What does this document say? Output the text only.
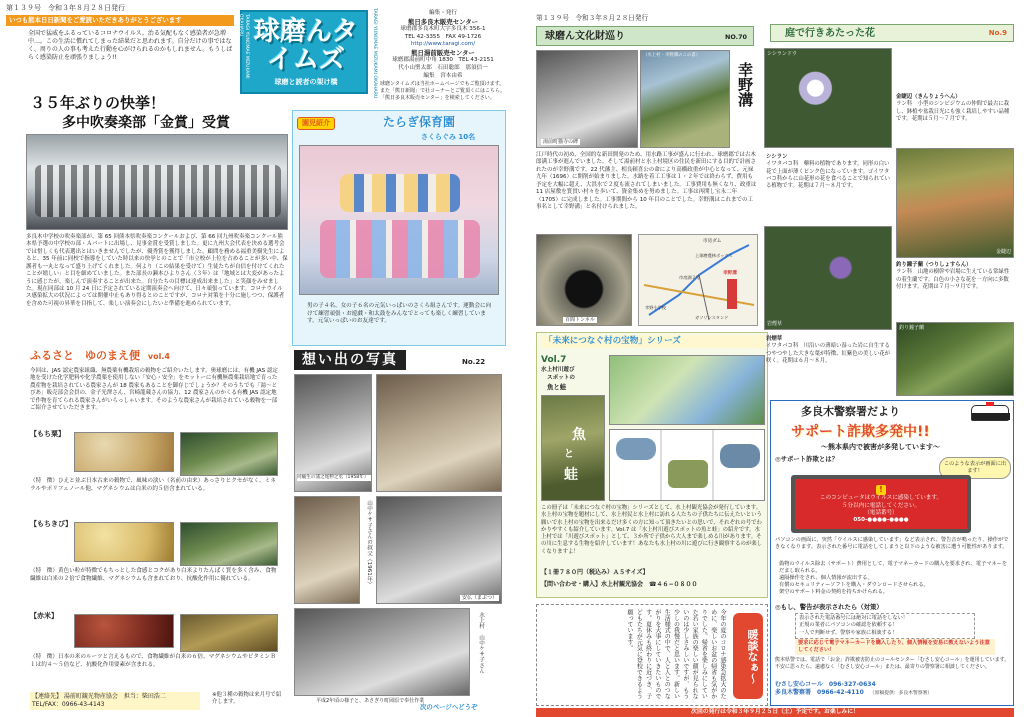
第１３９号　令和３年８月２８日発行
いつも熊本日日新聞をご愛読いただきありがとうございます
全国で猛威をふるっているコロナウイルス。治る気配もなく感染者が急増中…。この生活に慣れてしまった結果だと思われます。自分だけの事ではなく、周りの人の事も考えた行動を心がけられるのかもしれません。もうしばらく感染防止を頑張りましょう!!	TARAGI YUNOMAE MIZUKAMI OKAHARU 球磨んタイムズ
球磨と読者の架け橋	TARAGI YUNOMAE MIZUKAMI OKAHARU	編集・発行
熊日多良木販売センター
球磨郡多良木町大字多良木 356-1
TEL 42-3355　FAX 49-1726
http://www.taragi.com/
熊日湯前販売センター
球磨郡湯前町中角 1830　TEL 43-2151
代小山聖太郎　石田聡郎　那須信一
編集　宮本由希
球磨ンタイムズは当社ホームページでもご覧頂けます。また「熊日新聞」で社コーナーとご覧頂くにはこちら。「熊日多良木販売センター」を検索してください。
３５年ぶりの快挙！
多中吹奏楽部「金賞」受賞
多良木中学校の吹奏楽部が、第 65 回熊本県吹奏楽コンクールおよび、第 66 回九州吹奏楽コンクール熊本県予選の中学校の部・Ａパートに出場し、見事金賞を受賞しました。更に九州大会代表を決める選考会では惜しくも代表選出とはいきませんでしたが、優秀賞を獲得しました。顧問を務める福重美樹先生によると、35 年前に同校で指導をしていた時以来の快挙とのことで「市立校が上位を占めることが多い中、保護者も一丸となって盛り上げてくれました。何より（この結果を受けて）生徒たちが自信を付けてくれたことが嬉しい」と目を細めていました。また部長の瀬本ひよりさん（３年）は「地域とは大変があったように感じたが、楽しんで演奏することが出来た。自分たちの目標は達成出来ました」と笑顔をみせました。現在同部は 10 月 24 日に予定されている定期演奏会へ向けて、日々頑張っています。コロナウイルス感染拡大の状況によっては開催中止もあり得るとのことですが、コロナ対策を十分に施しつつ、保護者を含めた可視の昇華を目指して、楽しい演奏会にしたいと準備を進められています。
園児紹介	たらぎ保育園
さくらぐみ 10名
男の子４名、女の子６名の元気いっぱいのさくら組さんです。運動会に向けて練習頑張・お遊戯・和太鼓をみんなでとっても楽しく練習しています。元気いっぱいのお友達です。
ふるさと　ゆのまえ便 vol.4
今回は、JAS 認定農家組織、無農薬有機栽培の穀物をご紹介いたします。奥球磨には、有機 JAS 認定地を受けた化学肥料や化学農薬を使用しない「安心・安全」をモットーに有機無農薬栽培地で育った農産物を栽培されている農家さんが 18 農家もあることを御存じでしょうか？そのうちでも「湯〜とぴあ」販売部会会員の、金子光澤さん、宮崎龍蔵さんの協力、12 農家さんのかくる有機 JAS 認定地で作物を育てられる農家さんがいらっしゃいます。そのような農家さんが栽培されている穀物を一部ご紹介させていただきます。
【もち粟】
（特　徴）ひえと並ぶ日本古来の穀物で、風味の淡い（名前の由来）あっさりとクセがなく、ミネラルやポリフェノール他、マグネシウムは白米の約５倍含まれている。
【もちきび】
（特　徴）黄色い粒が特徴でもちっとした食感とコクがあり白米よりたんぱく質を多く含み、食物繊維は白米の２倍で食物繊維、マグネシウムも含まれており、抗酸化作用に優れている。
【赤米】
（特　徴）日本の米のルーツと言えるもので、食物繊維が白米の６倍、マグネシウムやビタミンＢ１は約４〜５倍など、抗酸化作用要素が含まれる。
【連絡先】 湯前町観光物産協会　担当：柴田浩二　TEL/FAX：0966-43-4143
※他３種の穀物は来月号で紹介します。
想い出の写真	No.22
同級生の浦之尾伸之丞（1958年）
山中ケサ子さんの叔父（1961年）
安仏（まぶつ）
水上村　山中ケサ子さん
平成2年頃の様子と、あさぎり町岡原で奉仕作業
次のページへどうぞ
第１３９号　令和３年８月２８日発行
球磨ん文化財巡り	NO.70
湯前町猫寺の碑
（水上村・幸野溝のこの書）
幸野溝
江戸時代の初め、全国的な新田開発のため、用水路工事が盛んに行われ、球磨郡では古木郎满工事が進んでいました。そして湯前村と水上村境区の住民を新田にする目的で計画されたのが幸野溝です。22 代藩主、相良頼喜公の命により高橋政重が中心となって、元禄九年（1696）に開削が始まりました。水路を着工工事は１・２年では終わらず、費用も予定を大幅に超え、大洪水で２度も流されてしまいました。工事費用も無くなり、政重は 11 店屋敷を質貫い村々を歩いて、資金集めを努めました。工事は再開し宝永二年（1705）に完成しました。工事期間から 10 年目のことでした。幸野溝はこれまでの工事名として幸野溝」と名付けられました。
百間トンネル
市房ダム
上球磨農林ボックス
市房湖２号
幸野溝
幸野小学校
ガソリンスタンド
「未来につなぐ村の宝物」シリーズ
Vol.7
水上村川遊び
スポットの
魚と蛙
魚
と
蛙
この冊子は「未来につなぐ村の宝物」シリーズとして、水上村観光協会が発行しています。水上村の宝物を題材にして、水上村民と水上村に訪れる人たちの子供たちに伝えたいという願いで水上村の宝物を出来るだけ多くの方に知って頂きたいとの思いで、それぞれの号でわかりやすくも紹介しています。Vol.7 は「水上村川遊びスポットの魚と蛙」の紹介です。水上村では「川遊びスポット」として、３か所で子供から大人まで楽しめる川があります。その川に生息する生物を紹介しています！あなたも水上村の川に遊びに行き観察するのが楽しくなりますよ！
【１冊７８０円（税込み）Ａ５サイズ】
【問い合わせ・購入】水上村観光協会　☎４６−０８００
今年の夏のコロナ感染急拡大のために、楽しいお盆の帰省も気がかりでした。帰省を楽しみにしていた若い家族の楽しい顔が見られないのは少しさみしいですが、もう少しの我慢だと思います。新しい生活様式の中で、人と人とのつながりを大事にしていきたいものです。夏休みも終わりに近づき、子どもたちが元気に登校できるよう願っています。	暖談なぁ〜
庭で行きあたった花	No.9
シシランドウ
金睫辺（きんりょうへん）
ラン科　小型のシンビジウムの仲間で最古に栽し、鉢植や盆栽日光にも強く栽培しやすい品種です。花期は５月〜７月です。
シシラン
イワタバコ科　藥料の植物であります。同形の白い花で上面が薄くピンク色になっています。ゴイワタバコ科からに山花形の花を食べることで知られている植物です。花期は７月〜８月です。
金睫辺
岩煙草
釣り鐘子蘭（つりしょすらん）
ラン科　山地の樹幹や岩場に生えている常緑性の着生蘭です。白色の小さな花を一方向に多数付けます。花期は７月〜９月です。
岩煙草
イワタバコ科　川沿いの薄暗い湿った岩に自生するつやつやした大きな葉が特徴、紅紫色の美しい花が咲く。花期は６月〜８月。
釣り鐘子蘭
多良木警察署だより
サポート詐欺多発中!!
〜熊本県内で被害が多発しています〜
◎サポート詐欺とは？
このような表示が画面に出ます！
!
このコンピュータはウイルスに感染しています。
５分以内に電話してください。
（電話番号）
050-●●●●-●●●●
パソコンの画面に、突然「ウイルスに感染しています」など表示され、警告音が鳴ったり、操作ができなくなります。表示された番号に電話をしてしまうと以下のような被害に遭う可能性があります。
偽物のウイルス除去（サポート）費用として、電子マネーカードの購入を要求され、電子マネーをだまし取られる。
遠隔操作をされ、個人情報が流出する。
有償のセキュリティーソフトを購入・ダウンロードさせられる。
架空のサポート料金の契約を持ちかけられる。
◎もし、警告が表示されたら（対策）
表示された電話番号には絶対に電話をしない！
正規の業者にパソコンの確認を依頼する！
一人で判断せず、警察や家族に相談する！
要求に応じて電子マネーカードを購入したり、個人情報を安易に教えないよう注意してください！
熊本県警では、電話で「お金」詐欺被害防止のコールセンター「むさし安心コール」を運用しています。不安に思ったら、遠慮なく「むさし安心コール」または、最寄りの警察署に相談してください。
むさし安心コール　 096-327-0634
多良木警察署　 0966-42-4110 （原稿提供：多良木警察署）
次回の発行は令和３年９月２５日（土）予定です。お楽しみに！
